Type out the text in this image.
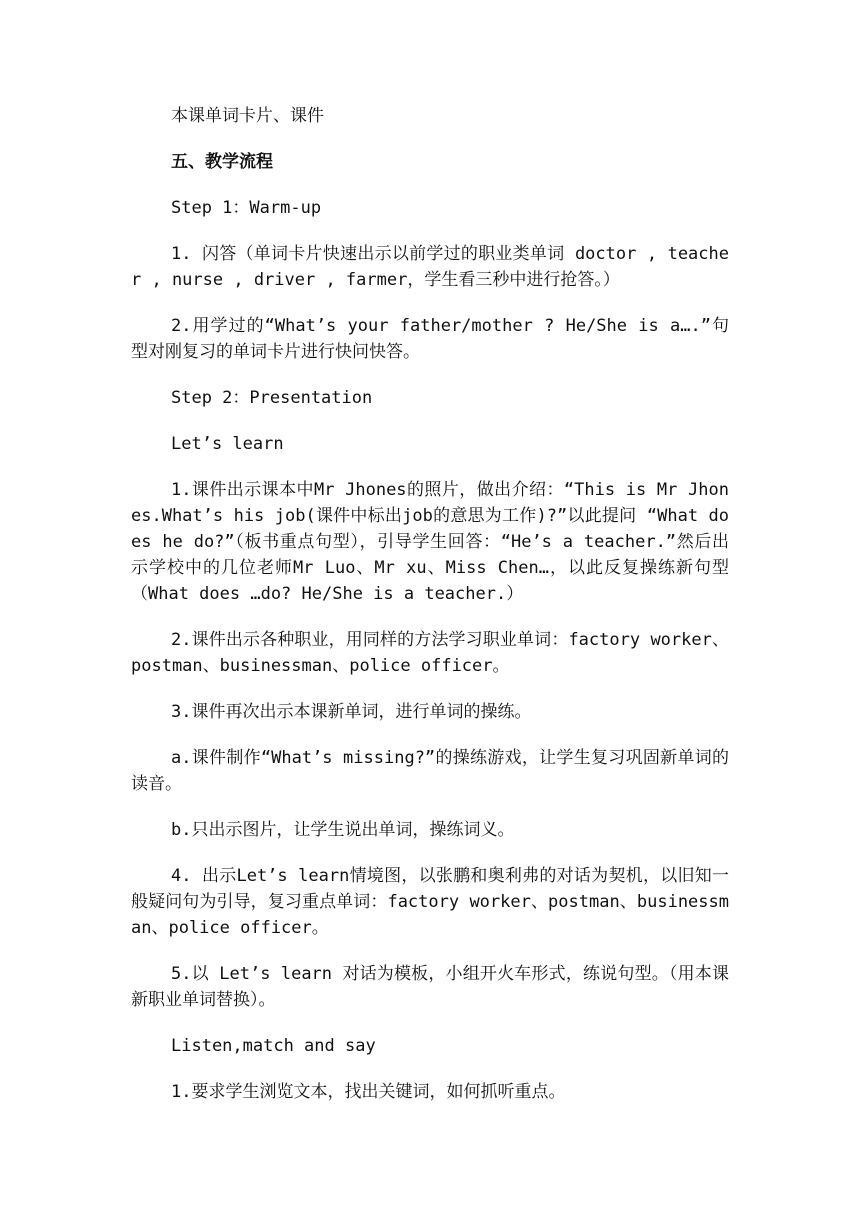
本课单词卡片、课件

五、教学流程

Step 1：Warm-up

1. 闪答（单词卡片快速出示以前学过的职业类单词 doctor , teacher , nurse , driver , farmer，学生看三秒中进行抢答。）

2.用学过的“What’s your father/mother ? He/She is a….”句型对刚复习的单词卡片进行快问快答。

Step 2：Presentation

Let’s learn

1.课件出示课本中Mr Jhones的照片，做出介绍：“This is Mr Jhones.What’s his job(课件中标出job的意思为工作)?”以此提问 “What does he do?”（板书重点句型），引导学生回答：“He’s a teacher.”然后出示学校中的几位老师Mr Luo、Mr xu、Miss Chen…，以此反复操练新句型（What does …do? He/She is a teacher.）

2.课件出示各种职业，用同样的方法学习职业单词：factory worker、postman、businessman、police officer。

3.课件再次出示本课新单词，进行单词的操练。

a.课件制作“What’s missing?”的操练游戏，让学生复习巩固新单词的读音。

b.只出示图片，让学生说出单词，操练词义。

4. 出示Let’s learn情境图，以张鹏和奥利弗的对话为契机，以旧知一般疑问句为引导，复习重点单词：factory worker、postman、businessman、police officer。

5.以 Let’s learn 对话为模板，小组开火车形式，练说句型。（用本课新职业单词替换）。

Listen,match and say

1.要求学生浏览文本，找出关键词，如何抓听重点。
